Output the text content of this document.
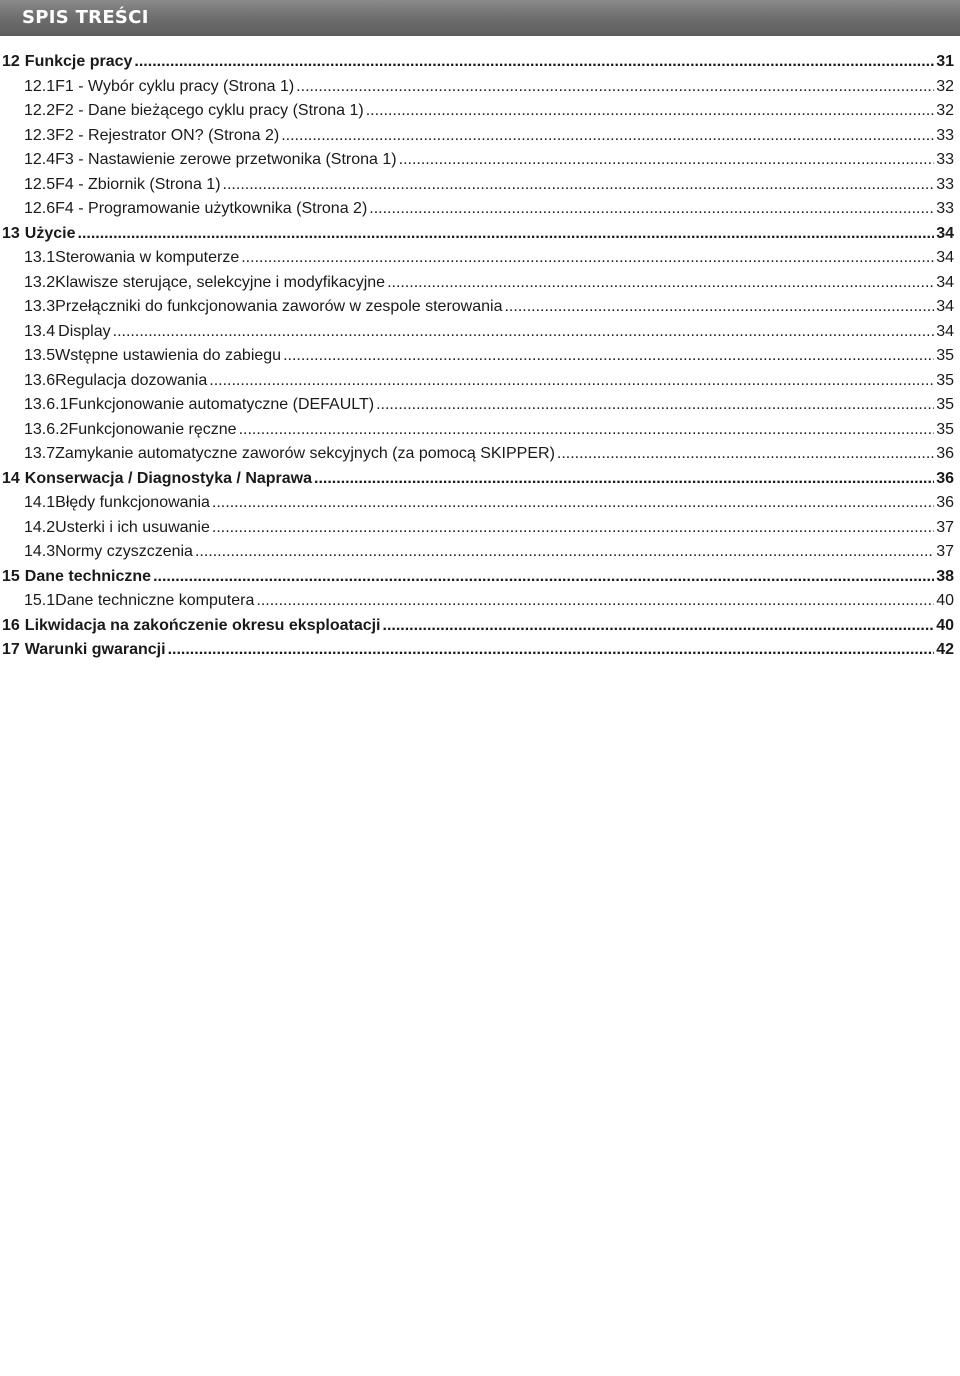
SPIS TREŚCI
12 Funkcje pracy .....	31
12.1 F1 - Wybór cyklu pracy (Strona 1) .....	32
12.2 F2 - Dane bieżącego cyklu pracy (Strona 1) .....	32
12.3 F2 - Rejestrator ON? (Strona 2) .....	33
12.4 F3 - Nastawienie zerowe przetwonika (Strona 1) .....	33
12.5 F4 - Zbiornik (Strona 1) .....	33
12.6 F4 - Programowanie użytkownika (Strona 2) .....	33
13 Użycie .....	34
13.1 Sterowania w komputerze .....	34
13.2 Klawisze sterujące, selekcyjne i modyfikacyjne .....	34
13.3 Przełączniki do funkcjonowania zaworów w zespole sterowania .....	34
13.4 Display .....	34
13.5 Wstępne ustawienia do zabiegu .....	35
13.6 Regulacja dozowania .....	35
13.6.1 Funkcjonowanie automatyczne (DEFAULT) .....	35
13.6.2 Funkcjonowanie ręczne .....	35
13.7 Zamykanie automatyczne zaworów sekcyjnych (za pomocą SKIPPER) .....	36
14 Konserwacja / Diagnostyka / Naprawa .....	36
14.1 Błędy funkcjonowania .....	36
14.2 Usterki i ich usuwanie .....	37
14.3 Normy czyszczenia .....	37
15 Dane techniczne .....	38
15.1 Dane techniczne komputera .....	40
16 Likwidacja na zakończenie okresu eksploatacji .....	40
17 Warunki gwarancji .....	42
